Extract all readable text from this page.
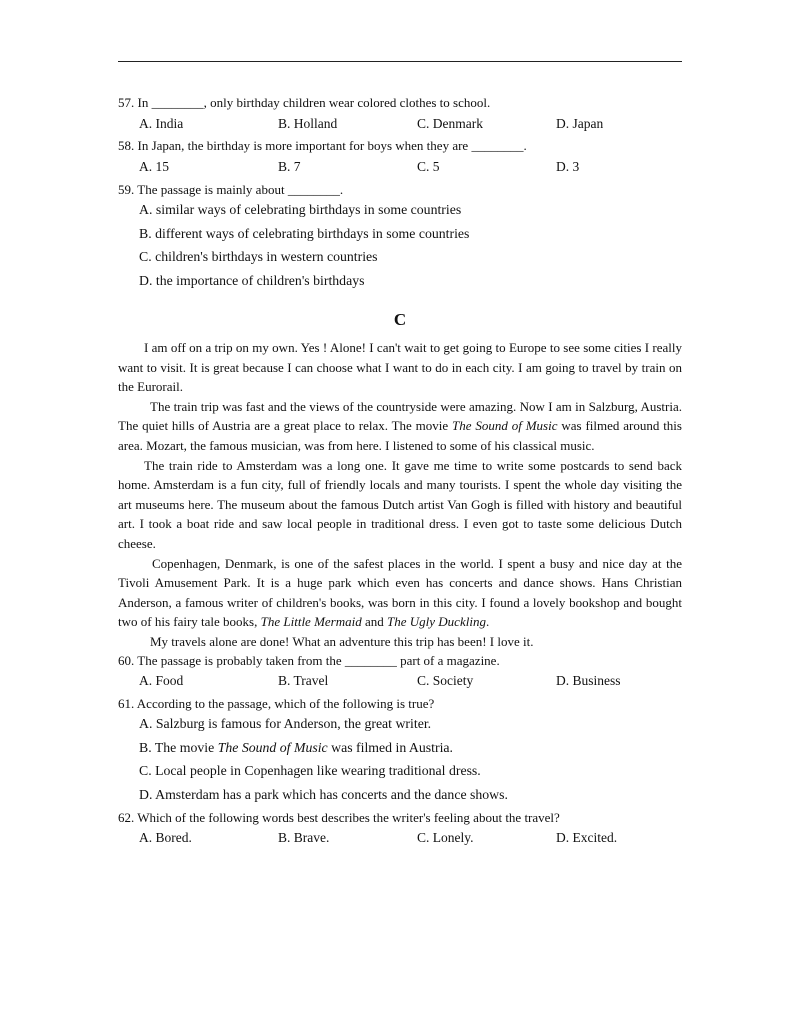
57. In ________, only birthday children wear colored clothes to school.
A. India	B. Holland	C. Denmark	D. Japan
58. In Japan, the birthday is more important for boys when they are ________.
A. 15	B. 7	C. 5	D. 3
59. The passage is mainly about ________.
A. similar ways of celebrating birthdays in some countries
B. different ways of celebrating birthdays in some countries
C. children's birthdays in western countries
D. the importance of children's birthdays
C

I am off on a trip on my own. Yes ! Alone! I can't wait to get going to Europe to see some cities I really want to visit. It is great because I can choose what I want to do in each city. I am going to travel by train on the Eurorail.

The train trip was fast and the views of the countryside were amazing. Now I am in Salzburg, Austria. The quiet hills of Austria are a great place to relax. The movie The Sound of Music was filmed around this area. Mozart, the famous musician, was from here. I listened to some of his classical music.

The train ride to Amsterdam was a long one. It gave me time to write some postcards to send back home. Amsterdam is a fun city, full of friendly locals and many tourists. I spent the whole day visiting the art museums here. The museum about the famous Dutch artist Van Gogh is filled with history and beautiful art. I took a boat ride and saw local people in traditional dress. I even got to taste some delicious Dutch cheese.

Copenhagen, Denmark, is one of the safest places in the world. I spent a busy and nice day at the Tivoli Amusement Park. It is a huge park which even has concerts and dance shows. Hans Christian Anderson, a famous writer of children's books, was born in this city. I found a lovely bookshop and bought two of his fairy tale books, The Little Mermaid and The Ugly Duckling.

My travels alone are done! What an adventure this trip has been! I love it.

60. The passage is probably taken from the ________ part of a magazine.
A. Food	B. Travel	C. Society	D. Business
61. According to the passage, which of the following is true?
A. Salzburg is famous for Anderson, the great writer.
B. The movie The Sound of Music was filmed in Austria.
C. Local people in Copenhagen like wearing traditional dress.
D. Amsterdam has a park which has concerts and the dance shows.
62. Which of the following words best describes the writer's feeling about the travel?
A. Bored.	B. Brave.	C. Lonely.	D. Excited.
